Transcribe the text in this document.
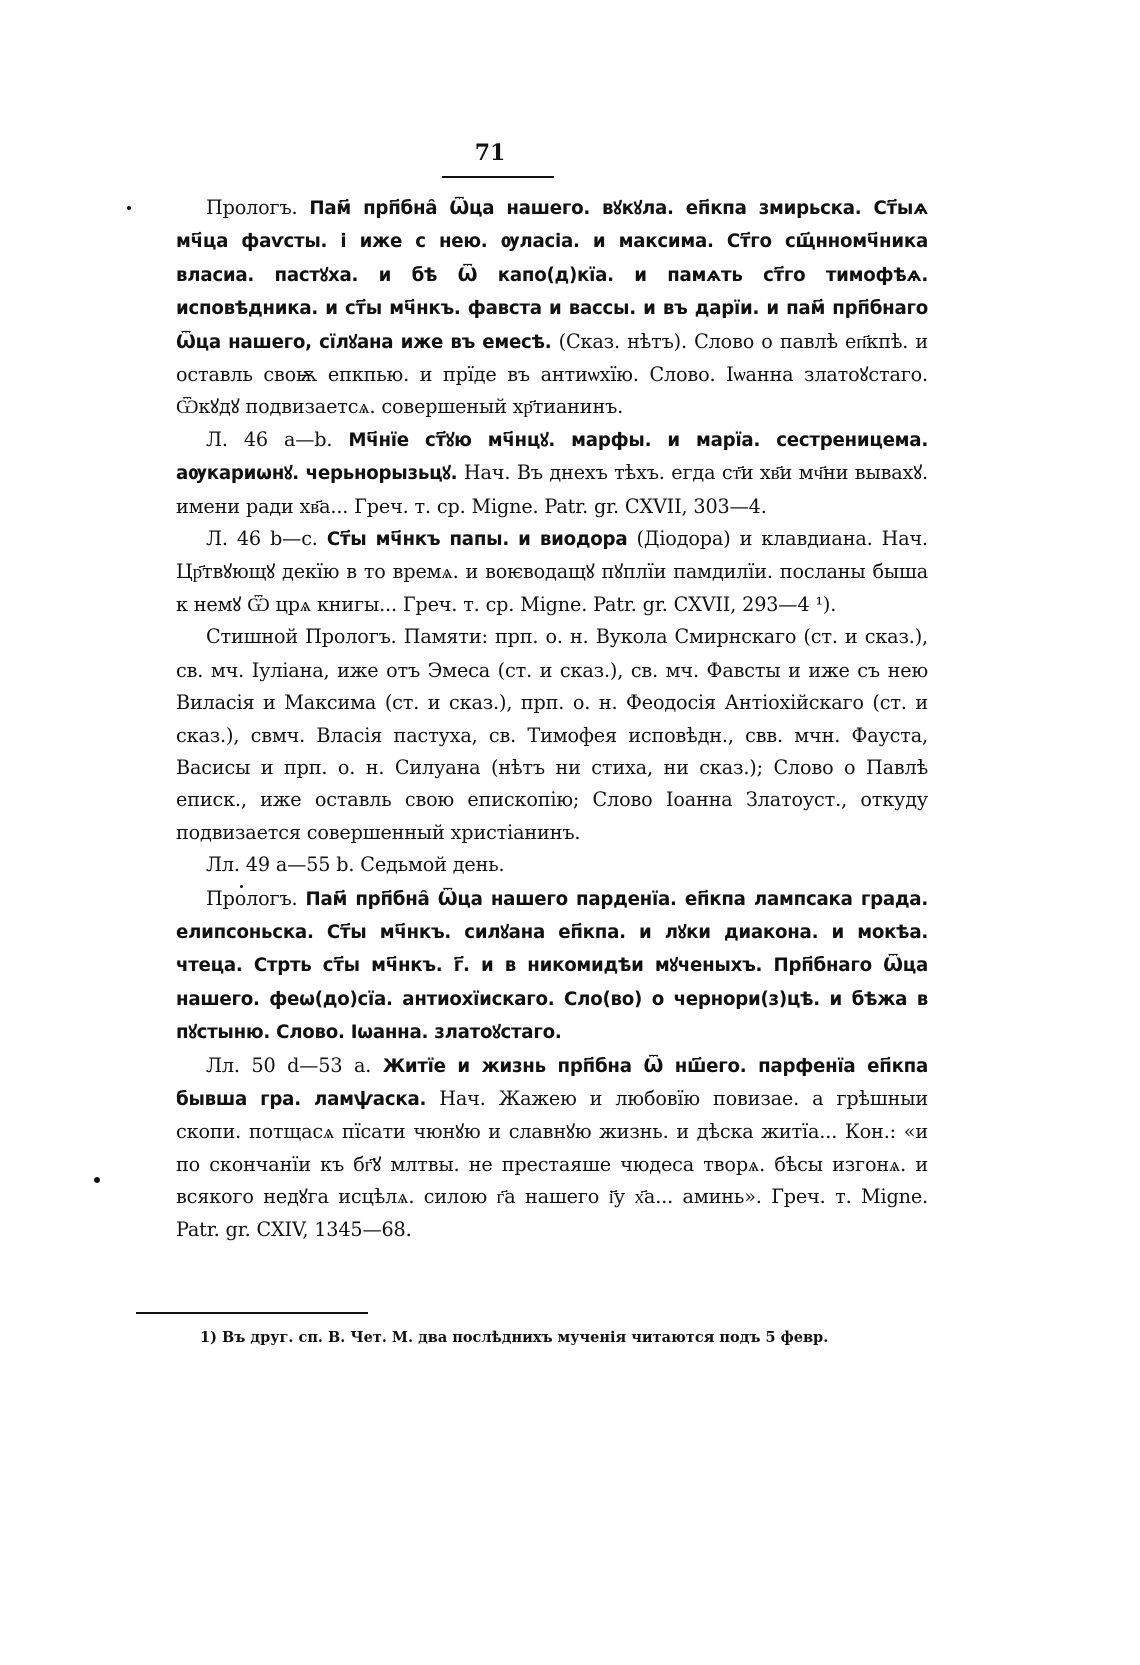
71

Прологъ. Пам҃ прп҃бна̑ Ѿца нашего. вꙋкꙋла. еп҃кпа змирьска. Ст҃ыѧ мч҃ца фаѵсты. і иже с нею. ѹласіа. и максима. Ст҃го сщ҃нномч҃ника власиа. пастꙋха. и бѣ Ѿ капо(д)кїа. и памѧть ст҃го тимофѣѧ. исповѣдника. и ст҃ы мч҃нкъ. фавста и вассы. и въ дарїи. и пам҃ прп҃бнаго Ѿца нашего, сїлꙋана иже въ емесѣ. (Сказ. нѣтъ). Слово о павлѣ еп҃кпѣ. и оставль своѭ епкпью. и прїде въ антиѡхїю. Слово. Іѡанна златоꙋстаго. Ѿкꙋдꙋ подвизаетсѧ. совершеный хр҃тианинъ.

Л. 46 a—b. Мч҃нїе ст҃ꙋю мч҃нцꙋ. марфы. и марїа. сестреницема. аѹкариѡнꙋ. черьнорызьцꙋ. Нач. Въ днехъ тѣхъ. егда ст҃и хв҃и мч҃ни вывахꙋ. имени ради хв҃а... Греч. т. ср. Migne. Patr. gr. CXVII, 303—4.

Л. 46 b—с. Ст҃ы мч҃нкъ папы. и виодора (Діодора) и клавдиана. Нач. Цр҃твꙋющꙋ декїю в то времѧ. и воѥводащꙋ пꙋплїи памдилїи. посланы быша к немꙋ Ѿ црѧ книгы... Греч. т. ср. Migne. Patr. gr. CXVII, 293—4 ¹).

Стишной Прологъ. Памяти: прп. о. н. Вукола Смирнскаго (ст. и сказ.), св. мч. Іуліана, иже отъ Эмеса (ст. и сказ.), св. мч. Фавсты и иже съ нею Виласія и Максима (ст. и сказ.), прп. о. н. Феодосія Антіохійскаго (ст. и сказ.), свмч. Власія пастуха, св. Тимофея исповѣдн., свв. мчн. Фауста, Васисы и прп. о. н. Силуана (нѣтъ ни стиха, ни сказ.); Слово о Павлѣ еписк., иже оставль свою епископію; Слово Іоанна Златоуст., откуду подвизается совершенный христіанинъ.

Лл. 49 a—55 b. Седьмой день.

Прологъ. Пам҃ прп҃бна̑ Ѿца нашего парденїа. еп҃кпа лампсака града. елипсоньска. Ст҃ы мч҃нкъ. силꙋана еп҃кпа. и лꙋки диакона. и мокѣа. чтеца. Стрть ст҃ы мч҃нкъ. г҃. и в никомидѣи мꙋченыхъ. Прп҃бнаго Ѿца нашего. феѡ(до)сїа. антиохїискаго. Сло(во) о чернори(з)цѣ. и бѣжа в пꙋстыню. Слово. Іѡанна. златоꙋстаго.

Лл. 50 d—53 a. Житїе и жизнь прп҃бна Ѿ нш҃его. парфенїа еп҃кпа бывша гра. ламѱаска. Нач. Жажею и любовїю повизае. а грѣшныи скопи. потщасѧ пїсати чюнꙋю и славнꙋю жизнь. и дѣска житїа... Кон.: «и по скончанїи къ бг҃ꙋ млтвы. не престаяше чюдеса творѧ. бѣсы изгонѧ. и всякого недꙋга исцѣлѧ. силою г҃а нашего і҃у х҃а... аминь». Греч. т. Migne. Patr. gr. CXIV, 1345—68.

1) Въ друг. сп. В. Чет. М. два послѣднихъ мученія читаются подъ 5 февр.
